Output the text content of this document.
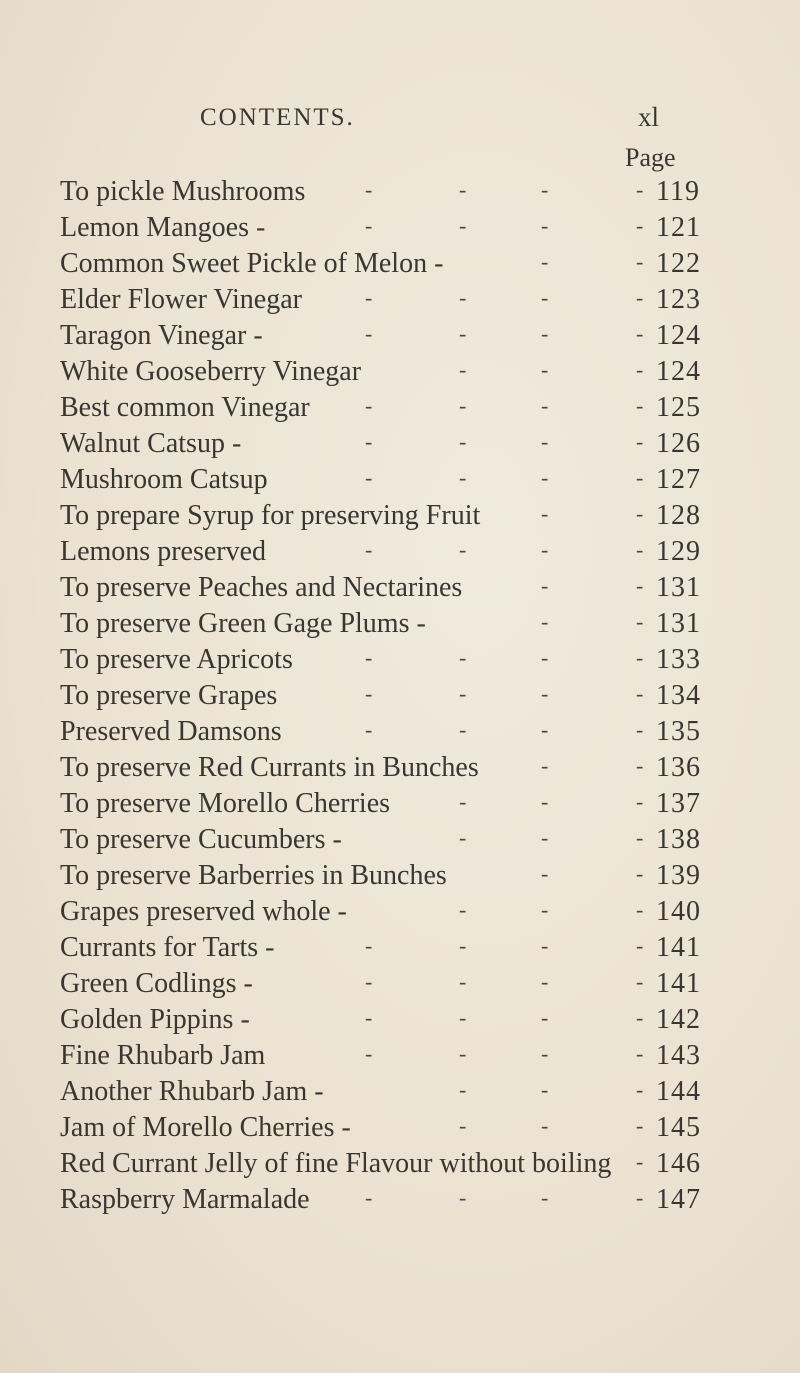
CONTENTS.	xl
Page
To pickle Mushrooms	-	-	-	- 119
Lemon Mangoes -	-	-	-	- 121
Common Sweet Pickle of Melon -	-	- 122
Elder Flower Vinegar	-	-	-	- 123
Taragon Vinegar -	-	-	-	- 124
White Gooseberry Vinegar	-	-	- 124
Best common Vinegar	-	-	-	- 125
Walnut Catsup -	-	-	-	- 126
Mushroom Catsup	-	-	-	- 127
To prepare Syrup for preserving Fruit	-	- 128
Lemons preserved	-	-	-	- 129
To preserve Peaches and Nectarines	-	- 131
To preserve Green Gage Plums -	-	- 131
To preserve Apricots	-	-	-	- 133
To preserve Grapes	-	-	-	- 134
Preserved Damsons	-	-	-	- 135
To preserve Red Currants in Bunches	-	- 136
To preserve Morello Cherries	-	-	- 137
To preserve Cucumbers -	-	-	- 138
To preserve Barberries in Bunches	-	- 139
Grapes preserved whole -	-	-	- 140
Currants for Tarts -	-	-	-	- 141
Green Codlings -	-	-	-	- 141
Golden Pippins -	-	-	-	- 142
Fine Rhubarb Jam	-	-	-	- 143
Another Rhubarb Jam -	-	-	- 144
Jam of Morello Cherries -	-	-	- 145
Red Currant Jelly of fine Flavour without boiling - 146
Raspberry Marmalade	-	-	-	- 147
